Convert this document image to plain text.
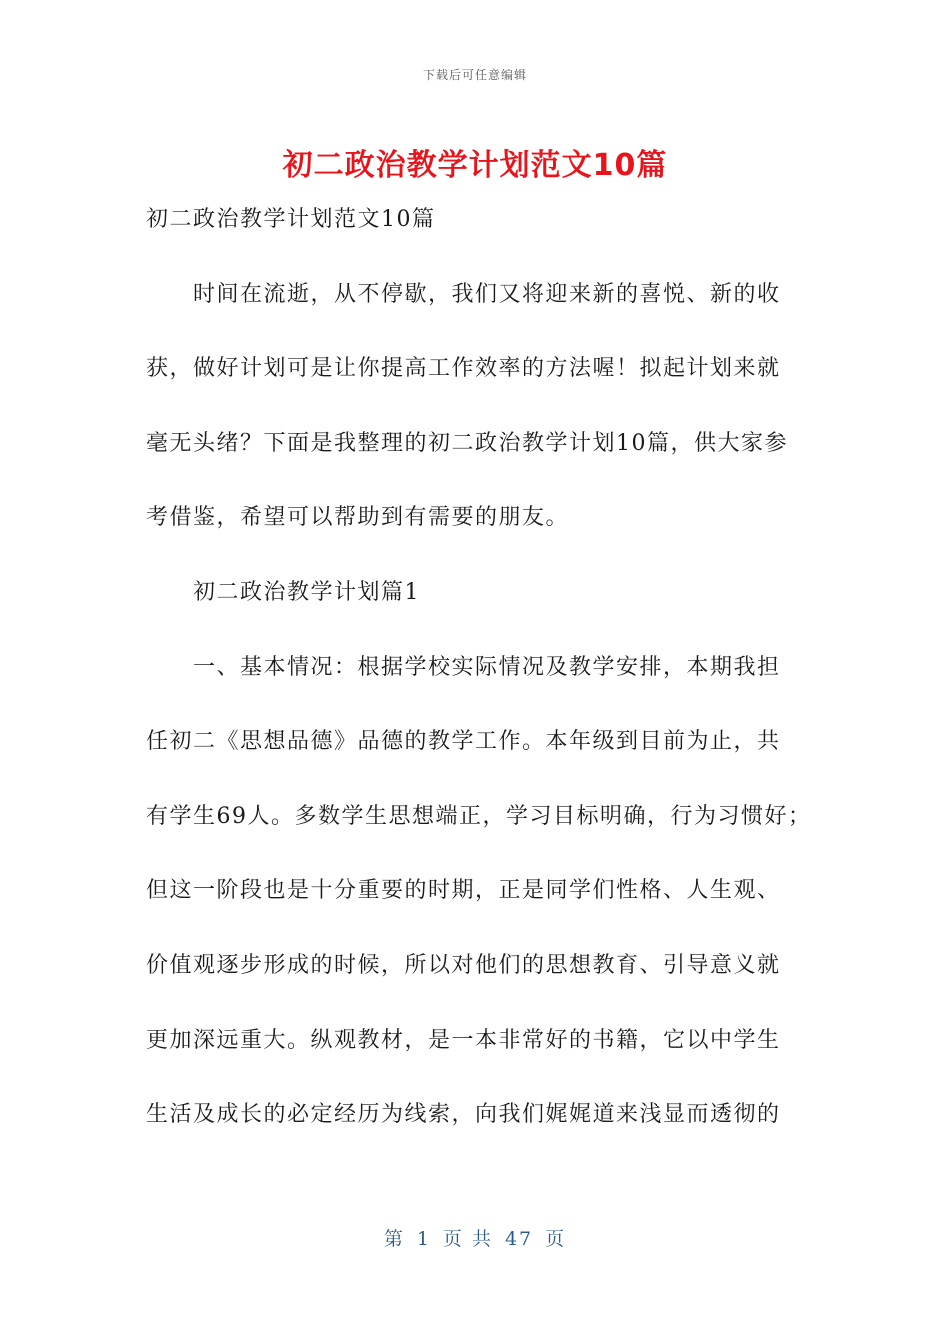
下载后可任意编辑
初二政治教学计划范文10篇
初二政治教学计划范文10篇
时间在流逝，从不停歇，我们又将迎来新的喜悦、新的收
获，做好计划可是让你提高工作效率的方法喔！拟起计划来就
毫无头绪？下面是我整理的初二政治教学计划10篇，供大家参
考借鉴，希望可以帮助到有需要的朋友。
初二政治教学计划篇1
一、基本情况：根据学校实际情况及教学安排，本期我担
任初二《思想品德》品德的教学工作。本年级到目前为止，共
有学生69人。多数学生思想端正，学习目标明确，行为习惯好；
但这一阶段也是十分重要的时期，正是同学们性格、人生观、
价值观逐步形成的时候，所以对他们的思想教育、引导意义就
更加深远重大。纵观教材，是一本非常好的书籍，它以中学生
生活及成长的必定经历为线索，向我们娓娓道来浅显而透彻的
第 1 页 共 47 页
